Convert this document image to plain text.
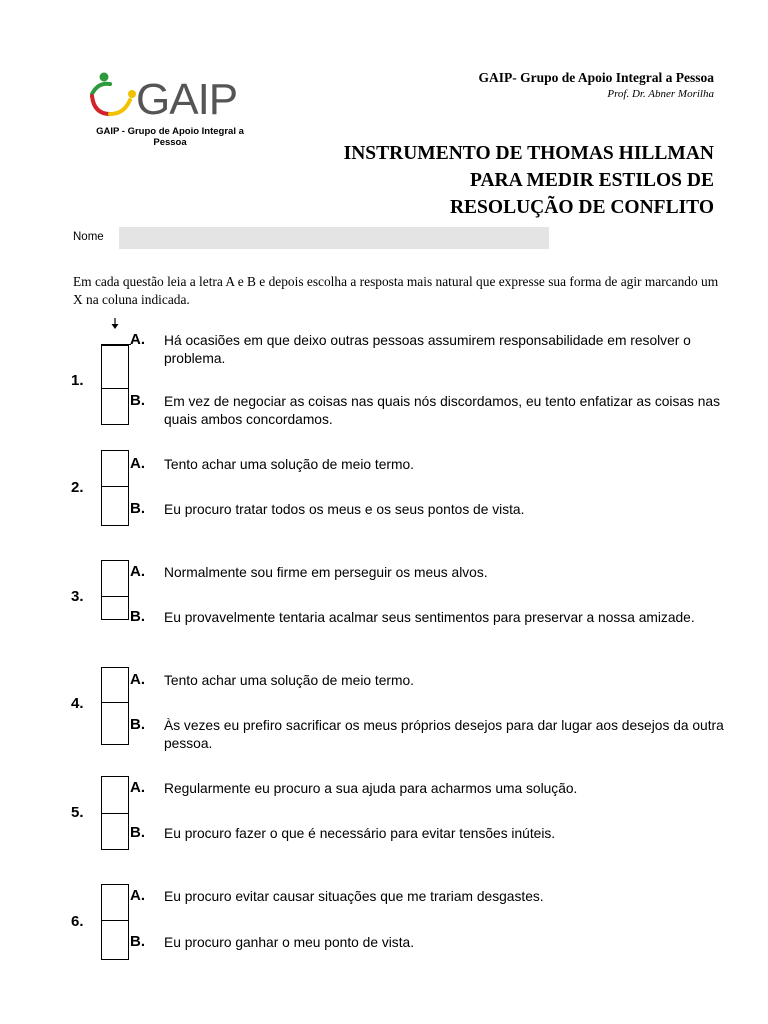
GAIP
GAIP - Grupo de Apoio Integral a Pessoa
GAIP- Grupo de Apoio Integral a Pessoa
Prof. Dr. Abner Morilha
INSTRUMENTO DE THOMAS HILLMAN
PARA MEDIR ESTILOS DE
RESOLUÇÃO DE CONFLITO
Nome
Em cada questão leia a letra A e B e depois escolha a resposta mais natural que expresse sua forma de agir marcando um X na coluna indicada.
1.
A. Há ocasiões em que deixo outras pessoas assumirem responsabilidade em resolver o problema.
B. Em vez de negociar as coisas nas quais nós discordamos, eu tento enfatizar as coisas nas quais ambos concordamos.
2.
A. Tento achar uma solução de meio termo.
B. Eu procuro tratar todos os meus e os seus pontos de vista.
3.
A. Normalmente sou firme em perseguir os meus alvos.
B. Eu provavelmente tentaria acalmar seus sentimentos para preservar a nossa amizade.
4.
A. Tento achar uma solução de meio termo.
B. Às vezes eu prefiro sacrificar os meus próprios desejos para dar lugar aos desejos da outra pessoa.
5.
A. Regularmente eu procuro a sua ajuda para acharmos uma solução.
B. Eu procuro fazer o que é necessário para evitar tensões inúteis.
6.
A. Eu procuro evitar causar situações que me trariam desgastes.
B. Eu procuro ganhar o meu ponto de vista.
